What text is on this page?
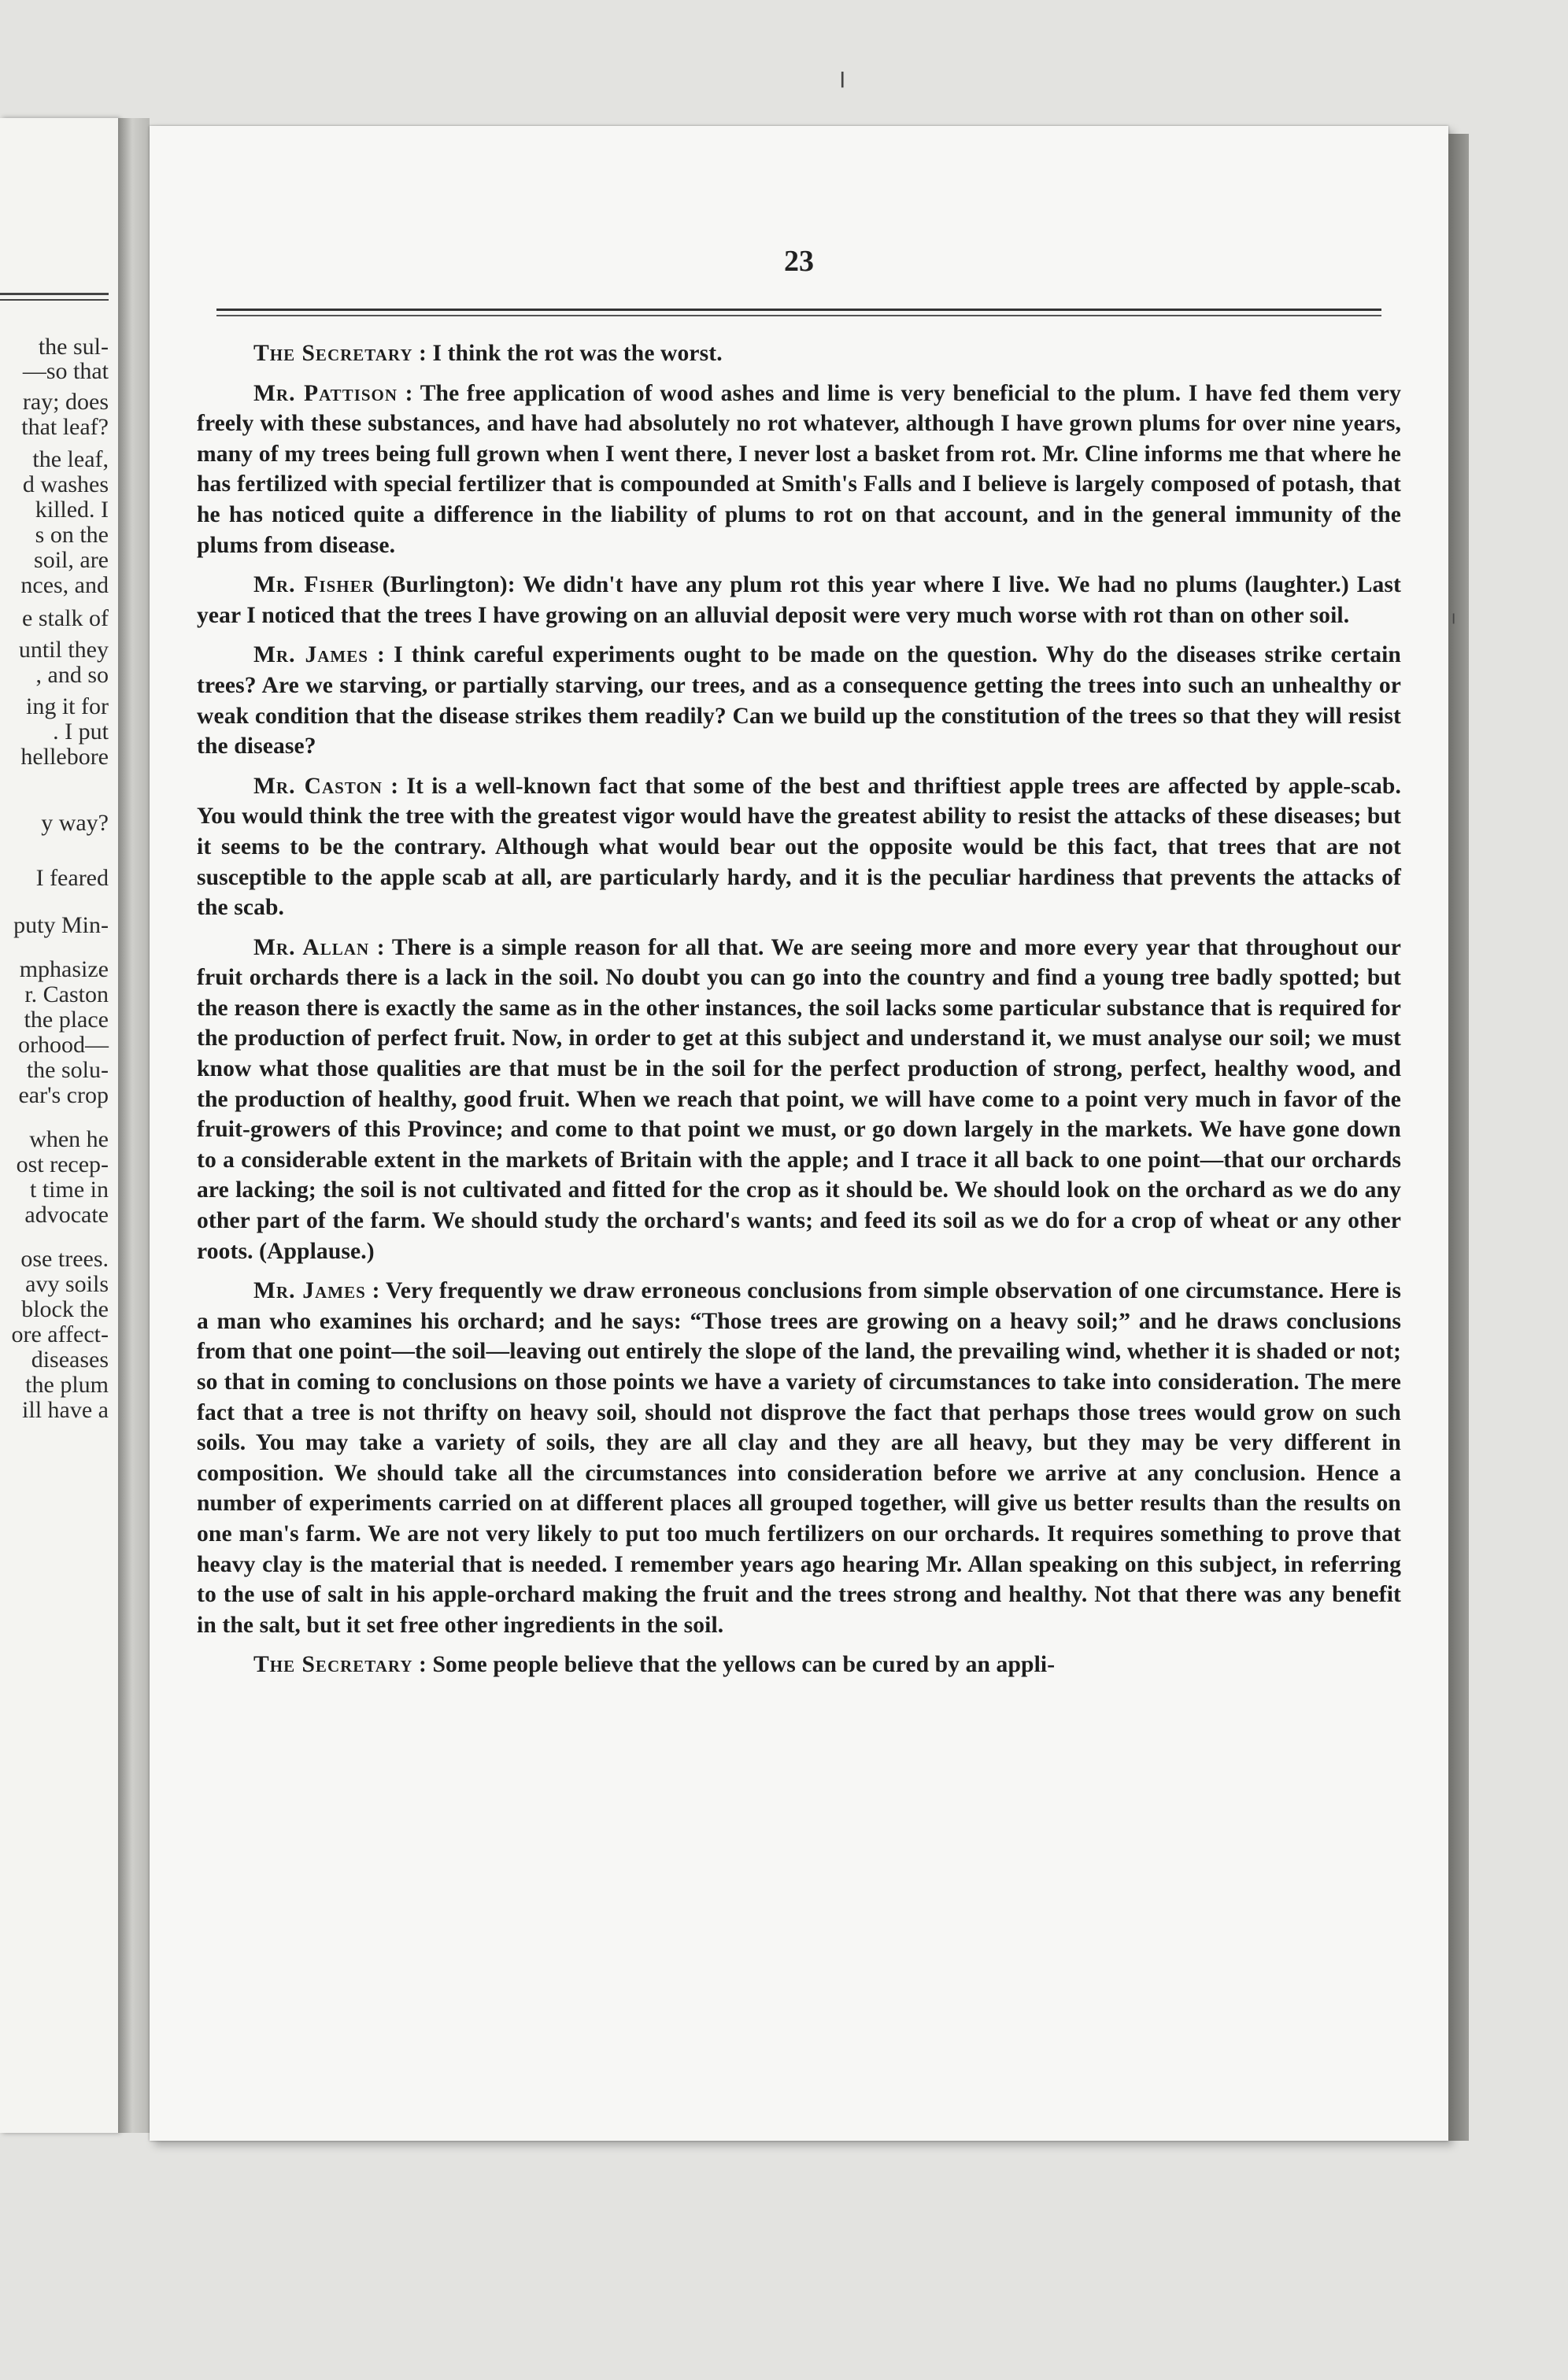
the sul-
—so that
ray; does
that leaf?
the leaf,
d washes
killed. I
s on the
soil, are
nces, and
e stalk of
until they
, and so
ing it for
. I put
hellebore
y way?
I feared
puty Min-
mphasize
r. Caston
the place
orhood—
the solu-
ear's crop
when he
ost recep-
t time in
advocate
ose trees.
avy soils
block the
ore affect-
diseases
the plum
ill have a
23

The Secretary : I think the rot was the worst.

Mr. Pattison : The free application of wood ashes and lime is very beneficial to the plum. I have fed them very freely with these substances, and have had absolutely no rot whatever, although I have grown plums for over nine years, many of my trees being full grown when I went there, I never lost a basket from rot. Mr. Cline informs me that where he has fertilized with special fertilizer that is compounded at Smith's Falls and I believe is largely composed of potash, that he has noticed quite a difference in the liability of plums to rot on that account, and in the general immunity of the plums from disease.

Mr. Fisher (Burlington): We didn't have any plum rot this year where I live. We had no plums (laughter.) Last year I noticed that the trees I have growing on an alluvial deposit were very much worse with rot than on other soil.

Mr. James : I think careful experiments ought to be made on the question. Why do the diseases strike certain trees? Are we starving, or partially starving, our trees, and as a consequence getting the trees into such an unhealthy or weak condition that the disease strikes them readily? Can we build up the constitution of the trees so that they will resist the disease?

Mr. Caston : It is a well-known fact that some of the best and thriftiest apple trees are affected by apple-scab. You would think the tree with the greatest vigor would have the greatest ability to resist the attacks of these diseases; but it seems to be the contrary. Although what would bear out the opposite would be this fact, that trees that are not susceptible to the apple scab at all, are particularly hardy, and it is the peculiar hardiness that prevents the attacks of the scab.

Mr. Allan : There is a simple reason for all that. We are seeing more and more every year that throughout our fruit orchards there is a lack in the soil. No doubt you can go into the country and find a young tree badly spotted; but the reason there is exactly the same as in the other instances, the soil lacks some particular substance that is required for the production of perfect fruit. Now, in order to get at this subject and understand it, we must analyse our soil; we must know what those qualities are that must be in the soil for the perfect production of strong, perfect, healthy wood, and the production of healthy, good fruit. When we reach that point, we will have come to a point very much in favor of the fruit-growers of this Province; and come to that point we must, or go down largely in the markets. We have gone down to a considerable extent in the markets of Britain with the apple; and I trace it all back to one point—that our orchards are lacking; the soil is not cultivated and fitted for the crop as it should be. We should look on the orchard as we do any other part of the farm. We should study the orchard's wants; and feed its soil as we do for a crop of wheat or any other roots. (Applause.)

Mr. James : Very frequently we draw erroneous conclusions from simple observation of one circumstance. Here is a man who examines his orchard; and he says: “Those trees are growing on a heavy soil;” and he draws conclusions from that one point—the soil—leaving out entirely the slope of the land, the prevailing wind, whether it is shaded or not; so that in coming to conclusions on those points we have a variety of circumstances to take into consideration. The mere fact that a tree is not thrifty on heavy soil, should not disprove the fact that perhaps those trees would grow on such soils. You may take a variety of soils, they are all clay and they are all heavy, but they may be very different in composition. We should take all the circumstances into consideration before we arrive at any conclusion. Hence a number of experiments carried on at different places all grouped together, will give us better results than the results on one man's farm. We are not very likely to put too much fertilizers on our orchards. It requires something to prove that heavy clay is the material that is needed. I remember years ago hearing Mr. Allan speaking on this subject, in referring to the use of salt in his apple-orchard making the fruit and the trees strong and healthy. Not that there was any benefit in the salt, but it set free other ingredients in the soil.

The Secretary : Some people believe that the yellows can be cured by an appli-

╵
╵
